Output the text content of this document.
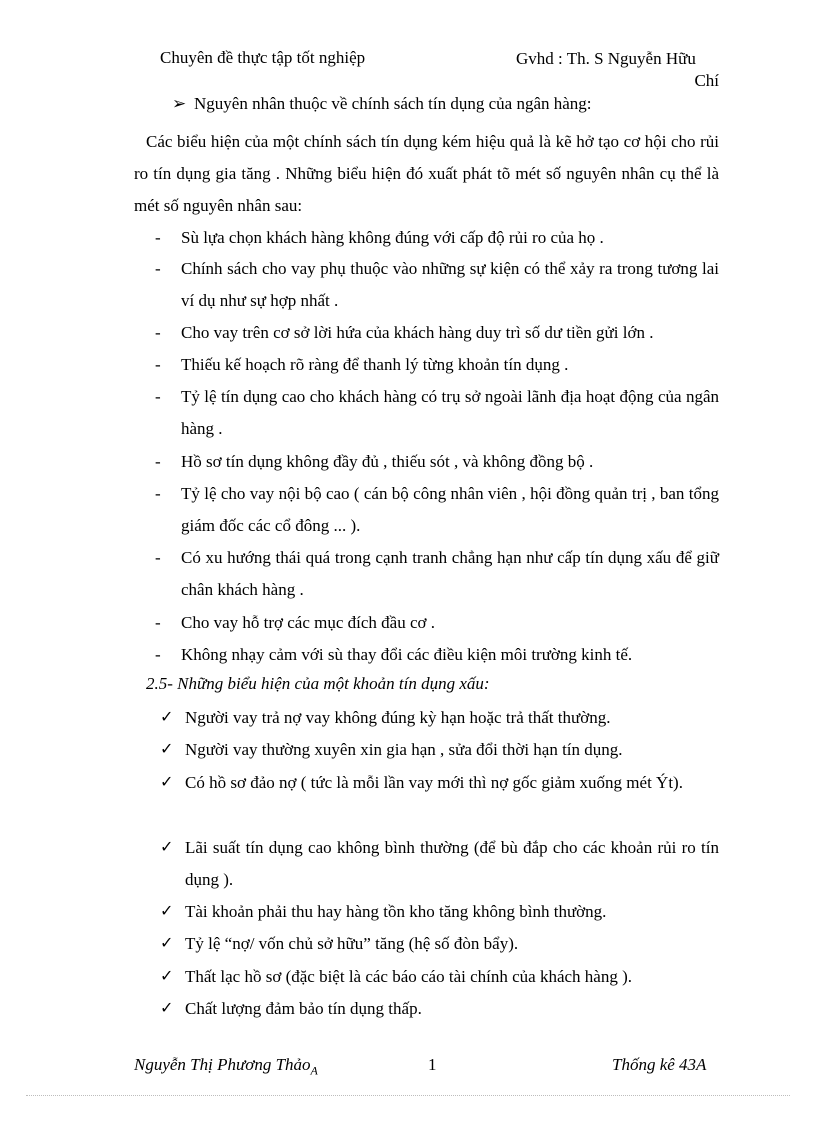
Chuyên đề thực tập tốt nghiệp	Gvhd : Th. S Nguyễn Hữu
Chí
➢ Nguyên nhân thuộc về chính sách tín dụng của ngân hàng:
Các biểu hiện của một chính sách tín dụng kém hiệu quả là kẽ hở tạo cơ hội cho rủi ro tín dụng gia tăng . Những biểu hiện đó xuất phát tõ mét số nguyên nhân cụ thể là mét số nguyên nhân sau:
-	Sù lựa chọn khách hàng không đúng với cấp độ rủi ro của họ .
-	Chính sách cho vay phụ thuộc vào những sự kiện có thể xảy ra trong tương lai ví dụ như sự hợp nhất .
-	Cho vay trên cơ sở lời hứa của khách hàng duy trì số dư tiền gửi lớn .
-	Thiếu kế hoạch rõ ràng để thanh lý từng khoản tín dụng .
-	Tỷ lệ tín dụng cao cho khách hàng có trụ sở ngoài lãnh địa hoạt động của ngân hàng .
-	Hồ sơ tín dụng không đầy đủ , thiếu sót , và không đồng bộ .
-	Tỷ lệ cho vay nội bộ cao ( cán bộ công nhân viên , hội đồng quản trị , ban tổng giám đốc các cổ đông ... ).
-	Có xu hướng thái quá trong cạnh tranh chẳng hạn như cấp tín dụng xấu để giữ chân khách hàng .
-	Cho vay hỗ trợ các mục đích đầu cơ .
-	Không nhạy cảm với sù thay đổi các điều kiện môi trường kinh tế.
2.5- Những biểu hiện của một khoản tín dụng xấu:
✓ Người vay trả nợ vay không đúng kỳ hạn hoặc trả thất thường.
✓ Người vay thường xuyên xin gia hạn , sửa đổi thời hạn tín dụng.
✓ Có hồ sơ đảo nợ ( tức là mỗi lần vay mới thì nợ gốc giảm xuống mét Ýt).
✓ Lãi suất tín dụng cao không bình thường (để bù đắp cho các khoản rủi ro tín dụng ).
✓ Tài khoản phải thu hay hàng tồn kho tăng không bình thường.
✓ Tỷ lệ “nợ/ vốn chủ sở hữu” tăng (hệ số đòn bẩy).
✓ Thất lạc hồ sơ (đặc biệt là các báo cáo tài chính của khách hàng ).
✓ Chất lượng đảm bảo tín dụng thấp.
Nguyễn Thị Phương Thảo$_A$	1	Thống kê 43A
